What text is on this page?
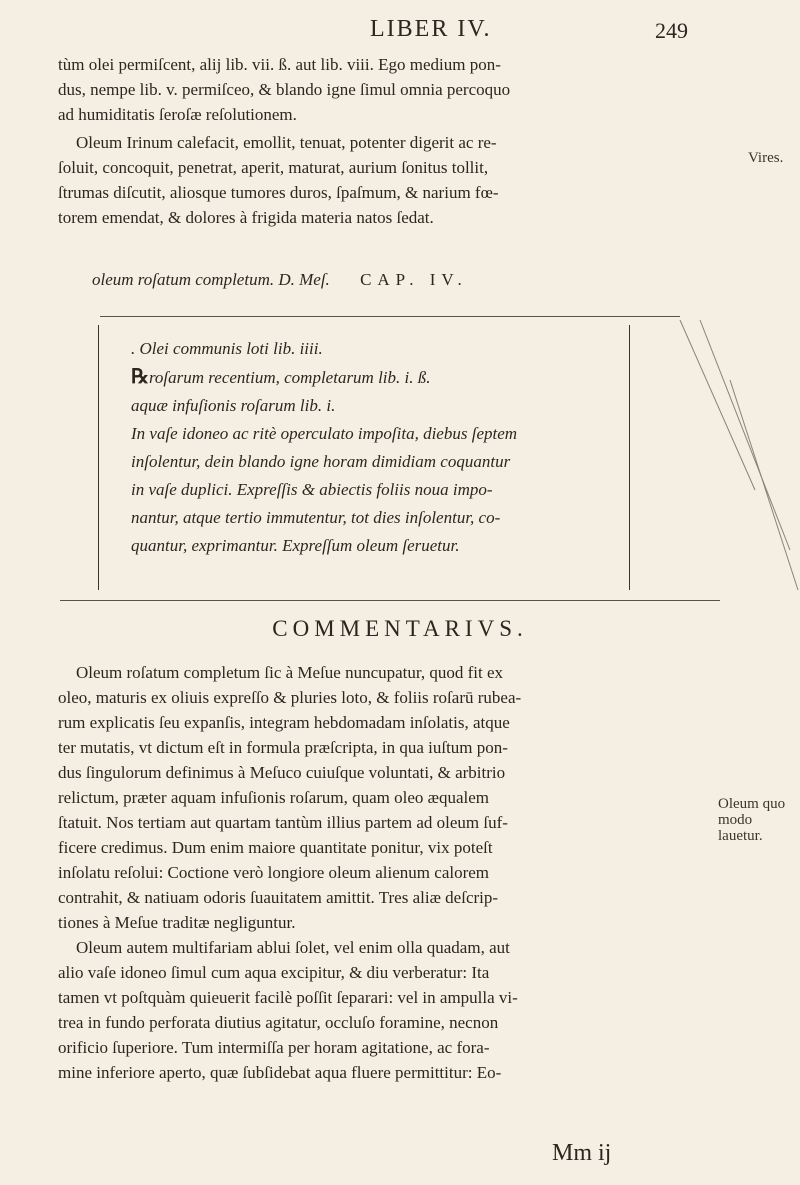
LIBER IV.	249

tùm olei permiſcent, alij lib. vii. ß. aut lib. viii. Ego medium pon-

dus, nempe lib. v. permiſceo, & blando igne ſimul omnia percoquo

ad humiditatis ſeroſæ reſolutionem.

Oleum Irinum calefacit, emollit, tenuat, potenter digerit ac re-

ſoluit, concoquit, penetrat, aperit, maturat, aurium ſonitus tollit,

ſtrumas diſcutit, aliosque tumores duros, ſpaſmum, & narium fœ-

torem emendat, & dolores à frigida materia natos ſedat.

Vires.
oleum roſatum completum. D. Meſ. CAP. IV.

. Olei communis loti lib. iiii.

℞roſarum recentium, completarum lib. i. ß.

aquæ infuſionis roſarum lib. i.

In vaſe idoneo ac ritè operculato impoſita, diebus ſeptem

inſolentur, dein blando igne horam dimidiam coquantur

in vaſe duplici. Expreſſis & abiectis foliis noua impo-

nantur, atque tertio immutentur, tot dies inſolentur, co-

quantur, exprimantur. Expreſſum oleum ſeruetur.

COMMENTARIVS.

Oleum roſatum completum ſic à Meſue nuncupatur, quod fit ex

oleo, maturis ex oliuis expreſſo & pluries loto, & foliis roſarū rubea-

rum explicatis ſeu expanſis, integram hebdomadam inſolatis, atque

ter mutatis, vt dictum eſt in formula præſcripta, in qua iuſtum pon-

dus ſingulorum definimus à Meſuco cuiuſque voluntati, & arbitrio

relictum, præter aquam infuſionis roſarum, quam oleo æqualem

ſtatuit. Nos tertiam aut quartam tantùm illius partem ad oleum ſuf-

ficere credimus. Dum enim maiore quantitate ponitur, vix poteſt

inſolatu reſolui: Coctione verò longiore oleum alienum calorem

contrahit, & natiuam odoris ſuauitatem amittit. Tres aliæ deſcrip-

tiones à Meſue traditæ negliguntur.

Oleum autem multifariam ablui ſolet, vel enim olla quadam, aut

alio vaſe idoneo ſimul cum aqua excipitur, & diu verberatur: Ita

tamen vt poſtquàm quieuerit facilè poſſit ſeparari: vel in ampulla vi-

trea in fundo perforata diutius agitatur, occluſo foramine, necnon

orificio ſuperiore. Tum intermiſſa per horam agitatione, ac fora-

mine inferiore aperto, quæ ſubſidebat aqua fluere permittitur: Eo-

Oleum quo modo lauetur.
Mm ij
